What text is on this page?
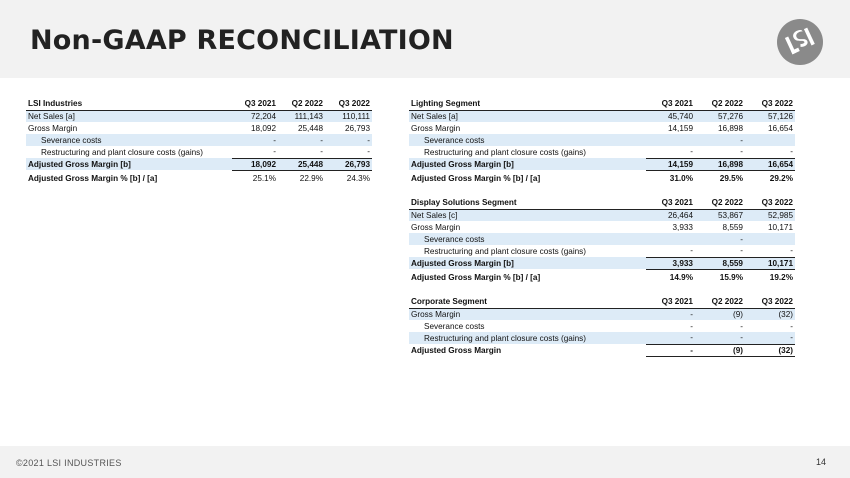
Non-GAAP RECONCILIATION
LSI Industries	Q3 2021	Q2 2022	Q3 2022
Net Sales [a]	72,204	111,143	110,111
Gross Margin	18,092	25,448	26,793
Severance costs	-	-	-
Restructuring and plant closure costs (gains)	-	-	-
Adjusted Gross Margin [b]	18,092	25,448	26,793
Adjusted Gross Margin % [b] / [a]	25.1%	22.9%	24.3%
Lighting Segment	Q3 2021	Q2 2022	Q3 2022
Net Sales [a]	45,740	57,276	57,126
Gross Margin	14,159	16,898	16,654
Severance costs		-	
Restructuring and plant closure costs (gains)	-	-	-
Adjusted Gross Margin [b]	14,159	16,898	16,654
Adjusted Gross Margin % [b] / [a]	31.0%	29.5%	29.2%
Display Solutions Segment	Q3 2021	Q2 2022	Q3 2022
Net Sales [c]	26,464	53,867	52,985
Gross Margin	3,933	8,559	10,171
Severance costs		-	
Restructuring and plant closure costs (gains)	-	-	-
Adjusted Gross Margin [b]	3,933	8,559	10,171
Adjusted Gross Margin % [b] / [a]	14.9%	15.9%	19.2%
Corporate Segment	Q3 2021	Q2 2022	Q3 2022
Gross Margin	-	(9)	(32)
Severance costs	-	-	-
Restructuring and plant closure costs (gains)	-	-	-
Adjusted Gross Margin	-	(9)	(32)
©2021 LSI INDUSTRIES	14
